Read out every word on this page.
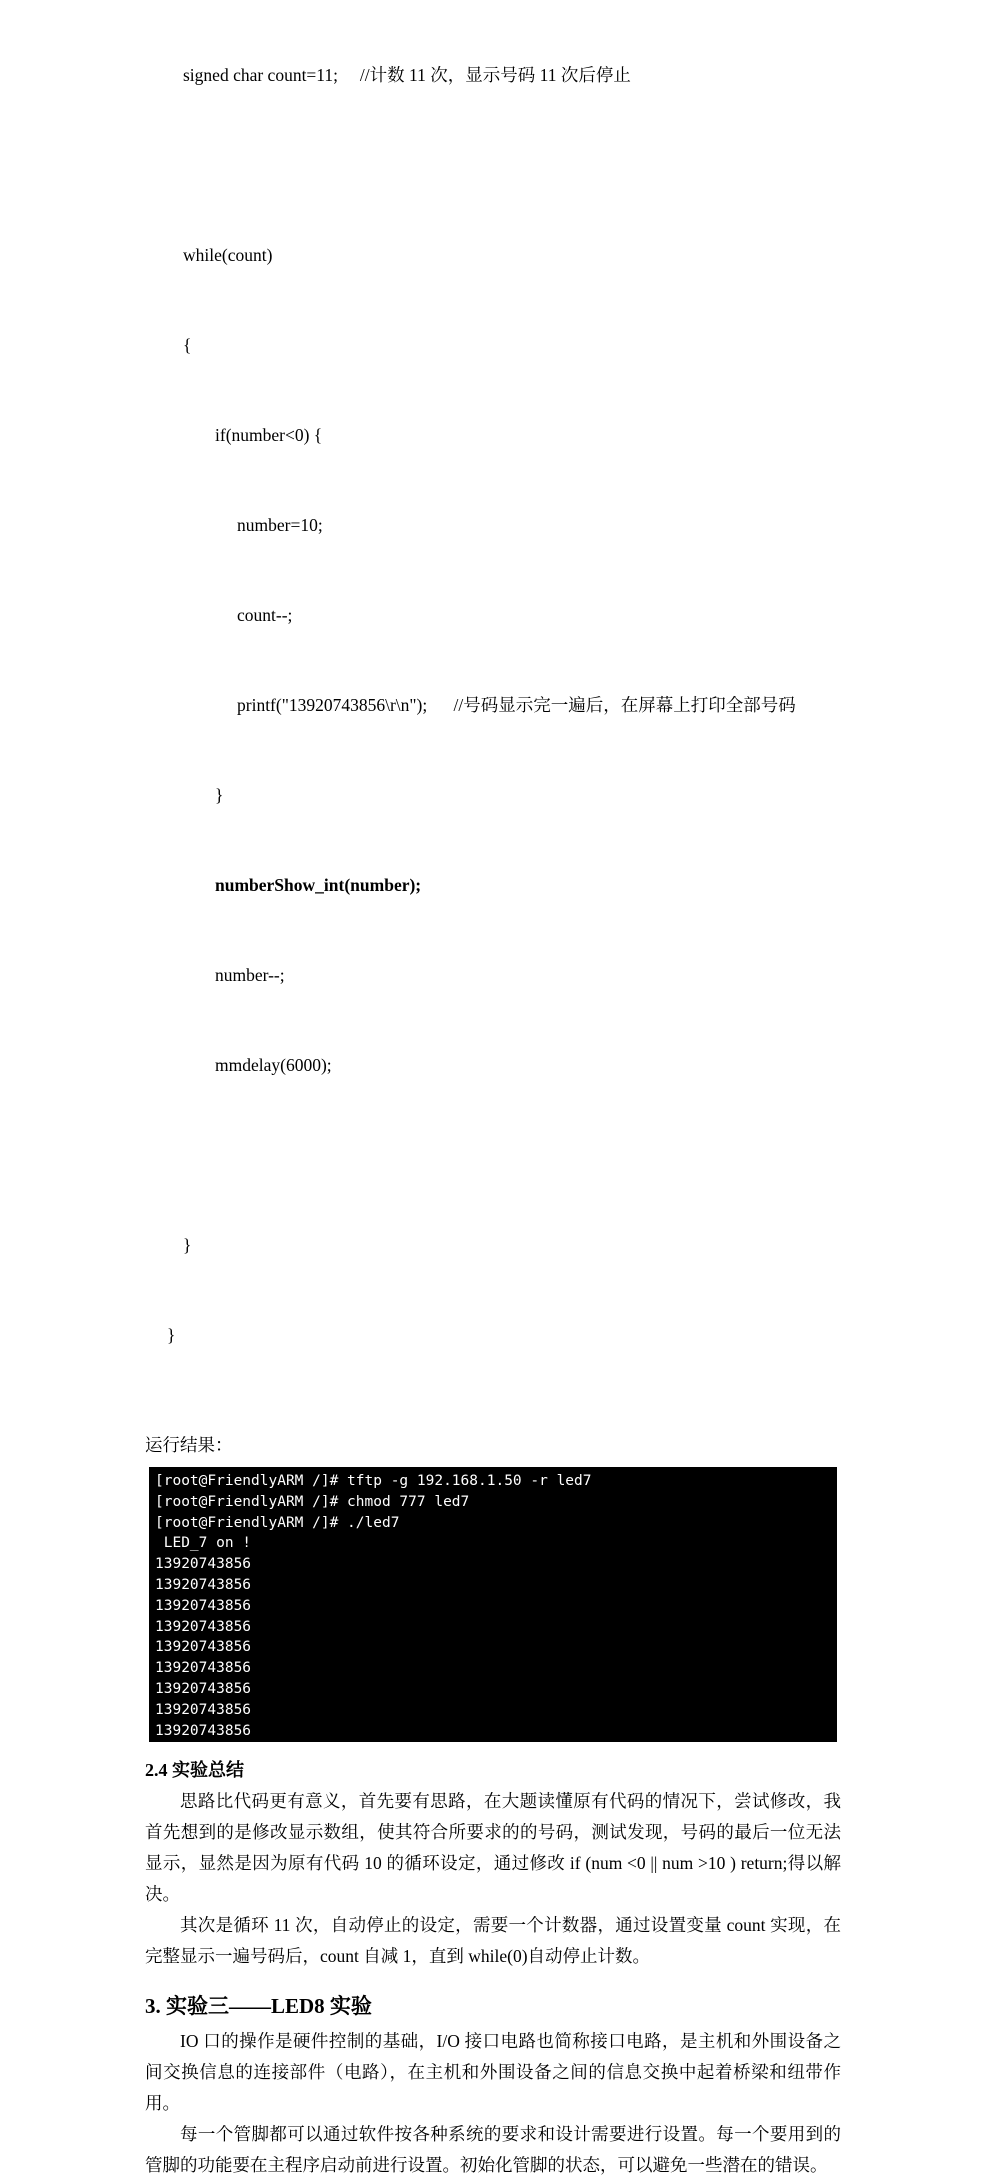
signed char count=11;     //计数 11 次，显示号码 11 次后停止

while(count)

{

if(number<0) {

number=10;

count--;

printf("13920743856\r\n");      //号码显示完一遍后，在屏幕上打印全部号码

}

numberShow_int(number);

number--;

mmdelay(6000);

}

}

运行结果：
[root@FriendlyARM /]# tftp -g 192.168.1.50 -r led7
[root@FriendlyARM /]# chmod 777 led7
[root@FriendlyARM /]# ./led7
LED_7 on !
13920743856
13920743856
13920743856
13920743856
13920743856
13920743856
13920743856
13920743856
13920743856
2.4 实验总结

思路比代码更有意义，首先要有思路，在大题读懂原有代码的情况下，尝试修改，我首先想到的是修改显示数组，使其符合所要求的的号码，测试发现，号码的最后一位无法显示，显然是因为原有代码 10 的循环设定，通过修改 if (num <0 || num >10 ) return;得以解决。

其次是循环 11 次，自动停止的设定，需要一个计数器，通过设置变量 count 实现，在完整显示一遍号码后，count 自减 1，直到 while(0)自动停止计数。

3. 实验三——LED8 实验

IO 口的操作是硬件控制的基础，I/O 接口电路也简称接口电路，是主机和外围设备之间交换信息的连接部件（电路），在主机和外围设备之间的信息交换中起着桥梁和纽带作用。

每一个管脚都可以通过软件按各种系统的要求和设计需要进行设置。每一个要用到的管脚的功能要在主程序启动前进行设置。初始化管脚的状态，可以避免一些潜在的错误。
